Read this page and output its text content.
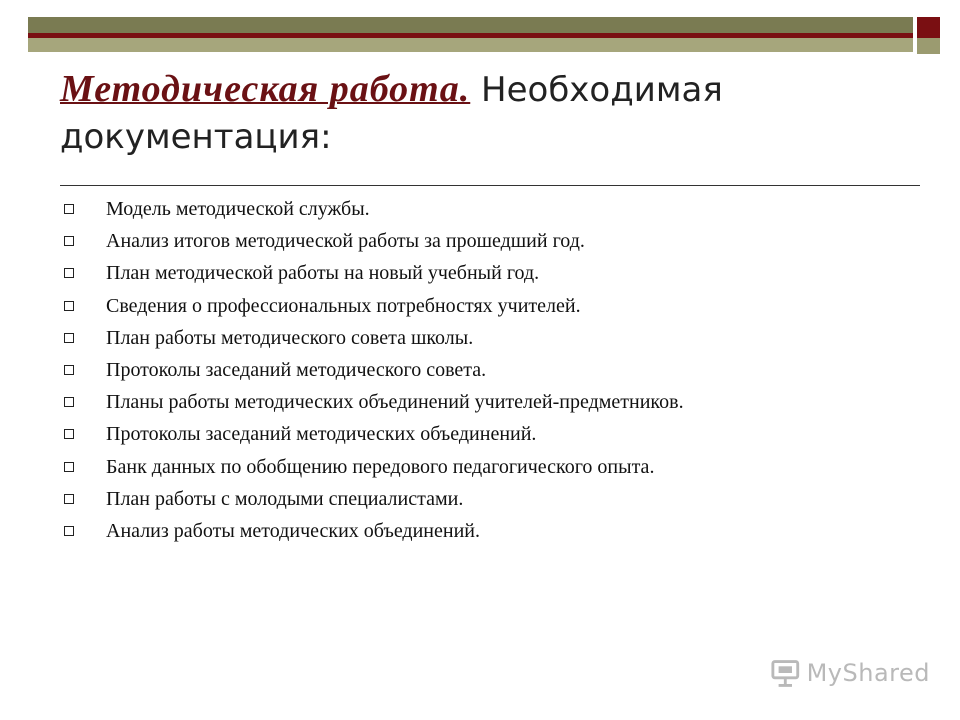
Методическая работа. Необходимая документация:
Модель методической службы.
Анализ итогов методической работы за прошедший год.
План методической работы на новый учебный год.
Сведения о профессиональных потребностях учителей.
План работы методического совета школы.
Протоколы заседаний методического совета.
Планы работы методических объединений учителей-предметников.
Протоколы заседаний методических объединений.
Банк данных по обобщению передового педагогического опыта.
План работы с молодыми специалистами.
Анализ работы методических объединений.
MyShared
